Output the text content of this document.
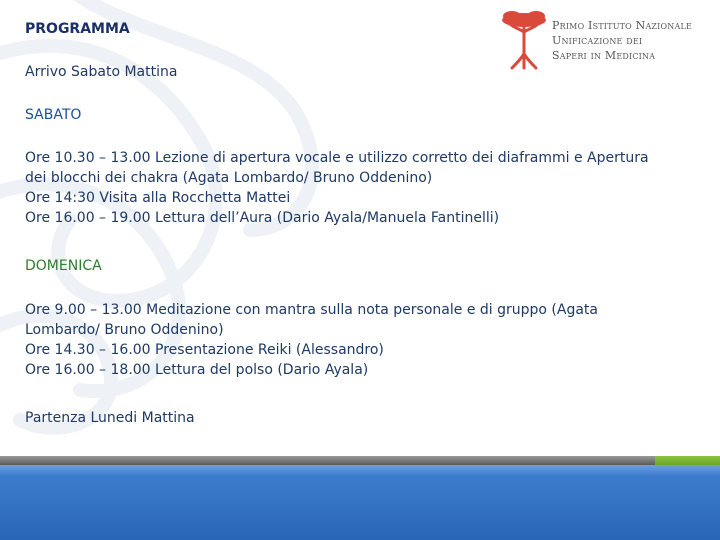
Primo Istituto Nazionale
Unificazione dei
Saperi in Medicina

PROGRAMMA

Arrivo Sabato Mattina

SABATO

Ore 10.30 – 13.00 Lezione di apertura vocale e utilizzo corretto dei diaframmi e Apertura
dei blocchi dei chakra (Agata Lombardo/ Bruno Oddenino)
Ore 14:30 Visita alla Rocchetta Mattei
Ore 16.00 – 19.00 Lettura dell’Aura (Dario Ayala/Manuela Fantinelli)

DOMENICA

Ore 9.00 – 13.00 Meditazione con mantra sulla nota personale e di gruppo (Agata
Lombardo/ Bruno Oddenino)
Ore 14.30 – 16.00 Presentazione Reiki (Alessandro)
Ore 16.00 – 18.00 Lettura del polso (Dario Ayala)

Partenza Lunedi Mattina
